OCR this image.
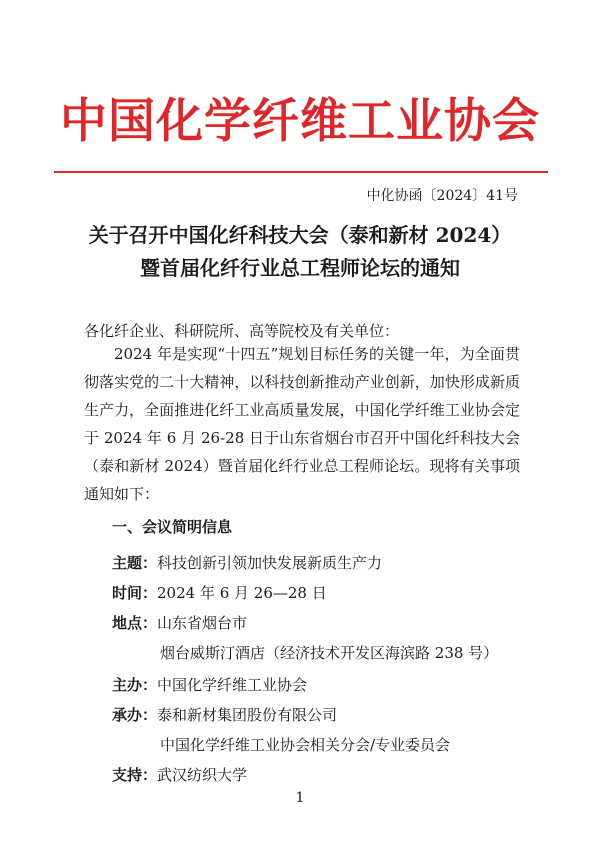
中国化学纤维工业协会
中化协函〔2024〕41号
关于召开中国化纤科技大会（泰和新材 2024）
暨首届化纤行业总工程师论坛的通知
各化纤企业、科研院所、高等院校及有关单位：
2024 年是实现“十四五”规划目标任务的关键一年，为全面贯彻落实党的二十大精神，以科技创新推动产业创新，加快形成新质生产力，全面推进化纤工业高质量发展，中国化学纤维工业协会定于 2024 年 6 月 26-28 日于山东省烟台市召开中国化纤科技大会（泰和新材 2024）暨首届化纤行业总工程师论坛。现将有关事项通知如下：
一、会议简明信息
主题：科技创新引领加快发展新质生产力
时间：2024 年 6 月 26—28 日
地点：山东省烟台市
烟台威斯汀酒店（经济技术开发区海滨路 238 号）
主办：中国化学纤维工业协会
承办：泰和新材集团股份有限公司
中国化学纤维工业协会相关分会/专业委员会
支持：武汉纺织大学
1
